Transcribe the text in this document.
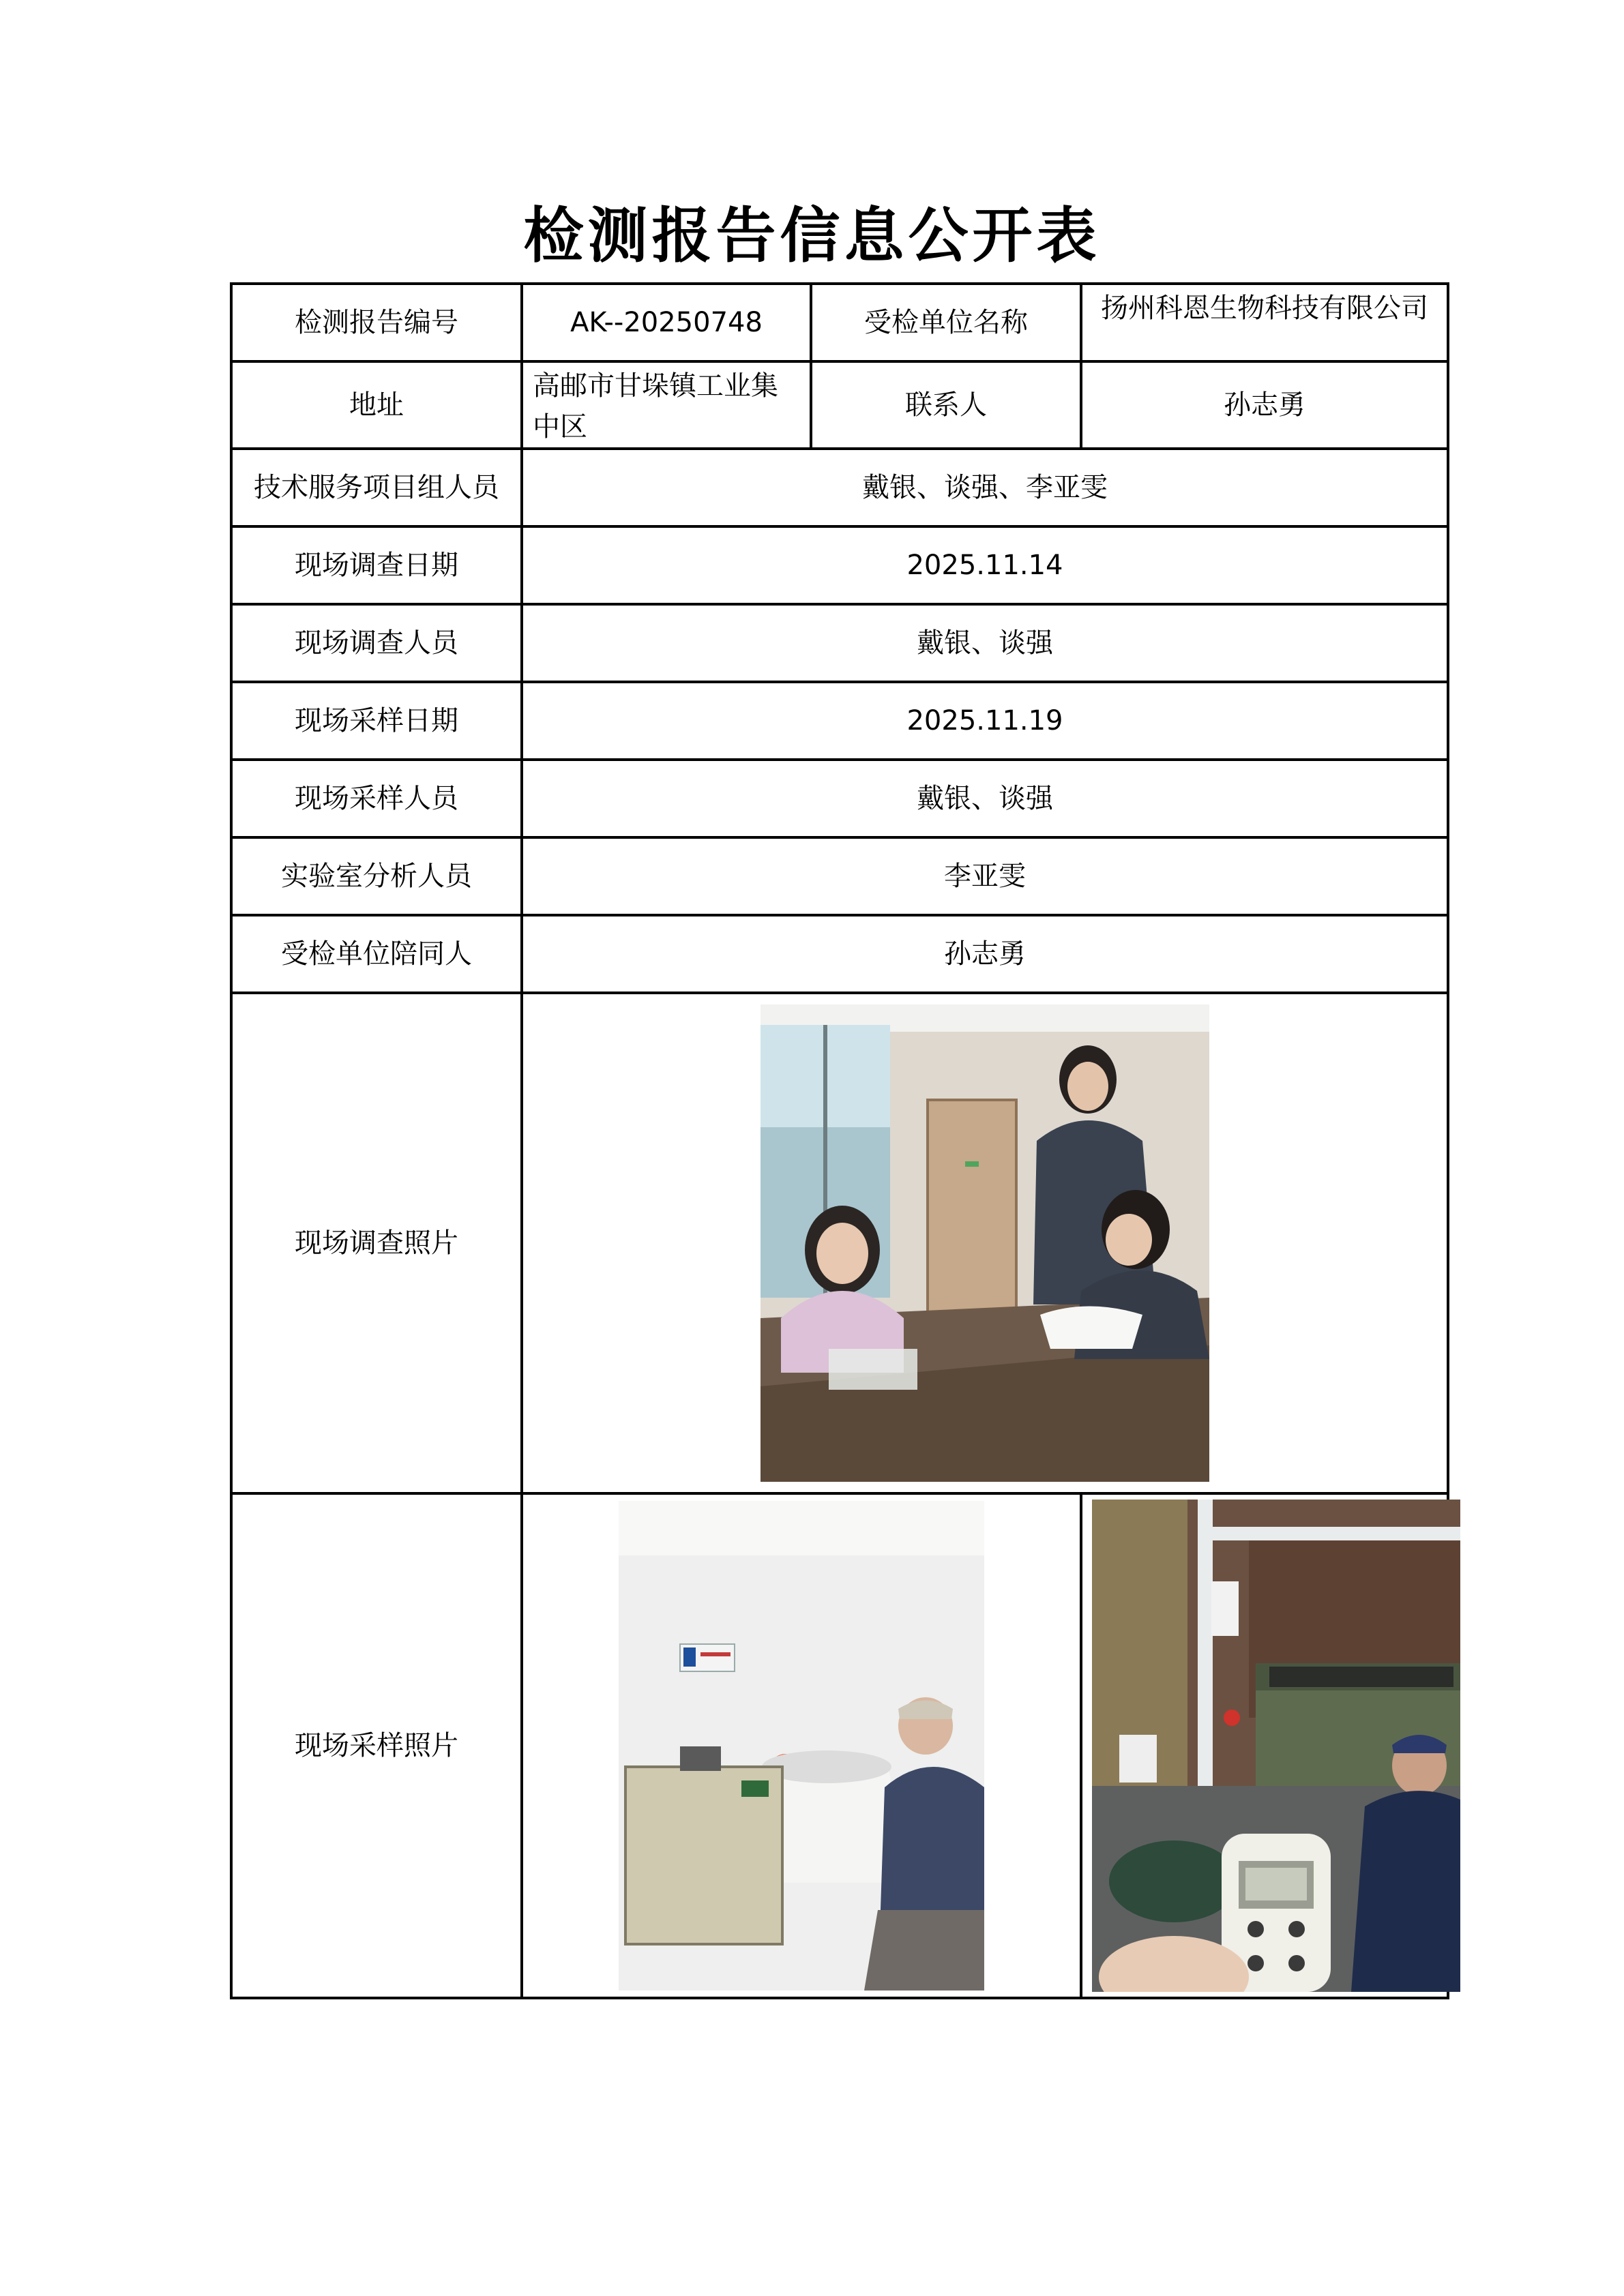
检测报告信息公开表
检测报告编号	AK--20250748	受检单位名称	扬州科恩生物科技有限公司
地址	高邮市甘垛镇工业集中区	联系人	孙志勇
技术服务项目组人员	戴银、谈强、李亚雯		
现场调查日期	2025.11.14		
现场调查人员	戴银、谈强		
现场采样日期	2025.11.19		
现场采样人员	戴银、谈强		
实验室分析人员	李亚雯		
受检单位陪同人	孙志勇		
现场调查照片	

现场采样照片	
